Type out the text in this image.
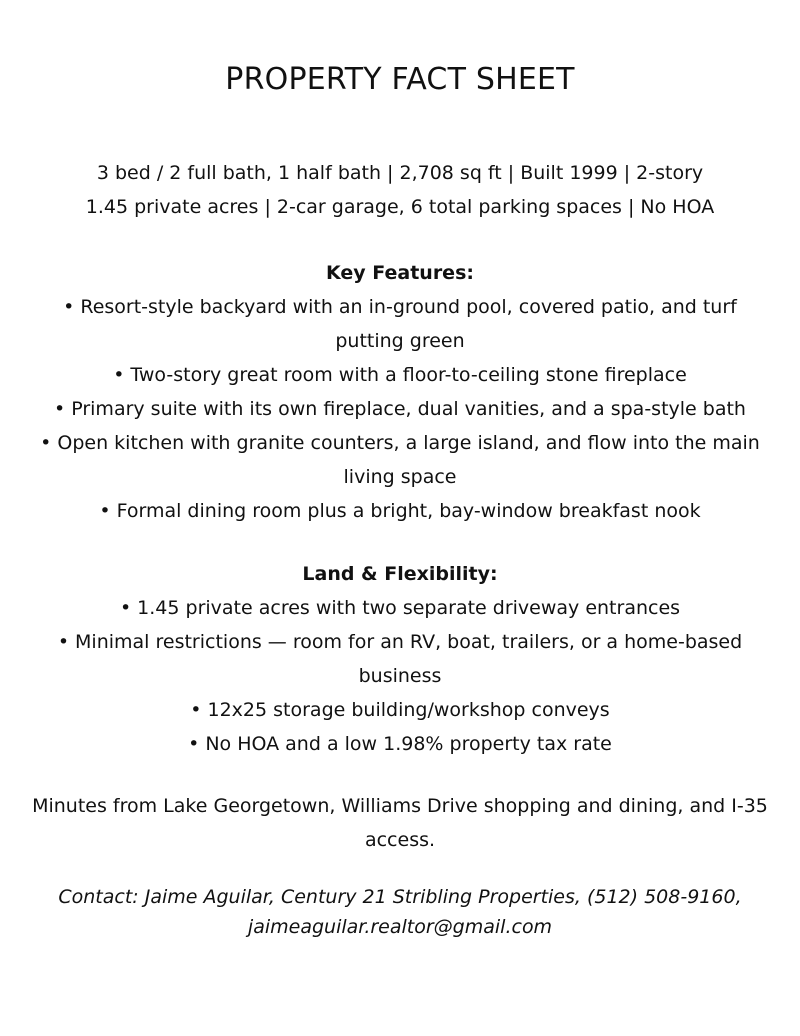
PROPERTY FACT SHEET

3 bed / 2 full bath, 1 half bath | 2,708 sq ft | Built 1999 | 2-story

1.45 private acres | 2-car garage, 6 total parking spaces | No HOA

Key Features:
• Resort-style backyard with an in-ground pool, covered patio, and turf putting green
• Two-story great room with a floor-to-ceiling stone fireplace
• Primary suite with its own fireplace, dual vanities, and a spa-style bath
• Open kitchen with granite counters, a large island, and flow into the main living space
• Formal dining room plus a bright, bay-window breakfast nook
Land & Flexibility:
• 1.45 private acres with two separate driveway entrances
• Minimal restrictions — room for an RV, boat, trailers, or a home-based business
• 12x25 storage building/workshop conveys
• No HOA and a low 1.98% property tax rate

Minutes from Lake Georgetown, Williams Drive shopping and dining, and I-35 access.

Contact: Jaime Aguilar, Century 21 Stribling Properties, (512) 508-9160,
jaimeaguilar.realtor@gmail.com
